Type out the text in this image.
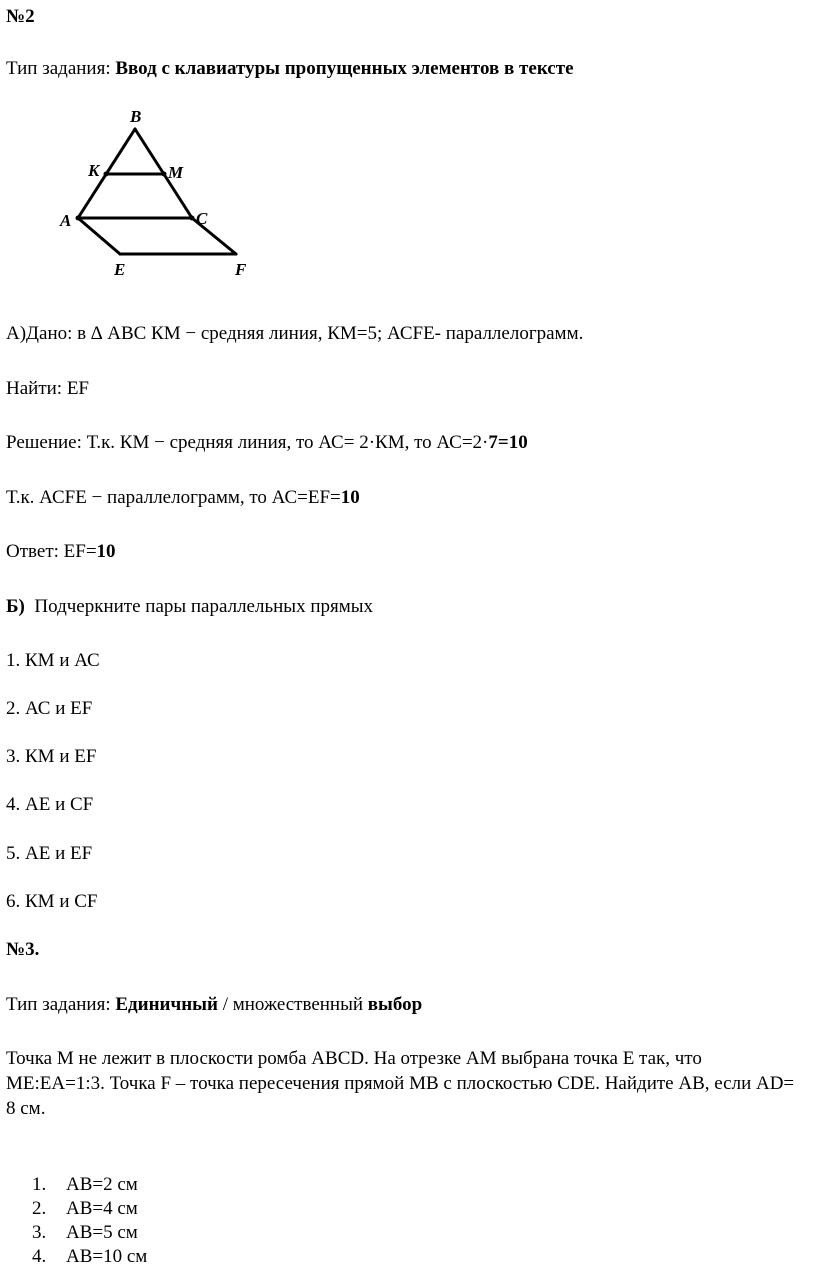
№2
Тип задания: Ввод с клавиатуры пропущенных элементов в тексте
B
K	M
A	C
E	F
А)Дано: в ∆ АВС КМ − средняя линия, КМ=5; АСFЕ- параллелограмм.
Найти: ЕF
Решение: Т.к. КМ − средняя линия, то АС= 2·КМ, то АС=2·7=10
Т.к. АСFЕ − параллелограмм, то АС=ЕF=10
Ответ: ЕF=10
Б) Подчеркните пары параллельных прямых
1. КМ и АС
2. АС и ЕF
3. КМ и ЕF
4. АЕ и СF
5. АЕ и ЕF
6. КМ и СF
№3.
Тип задания: Единичный / множественный выбор
Точка М не лежит в плоскости ромба ABCD. На отрезке АМ выбрана точка Е так, что МЕ:ЕА=1:3. Точка F – точка пересечения прямой МВ с плоскостью СDЕ. Найдите АВ, если AD= 8 см.
1. АВ=2 см
2. АВ=4 см
3. АВ=5 см
4. АВ=10 см
